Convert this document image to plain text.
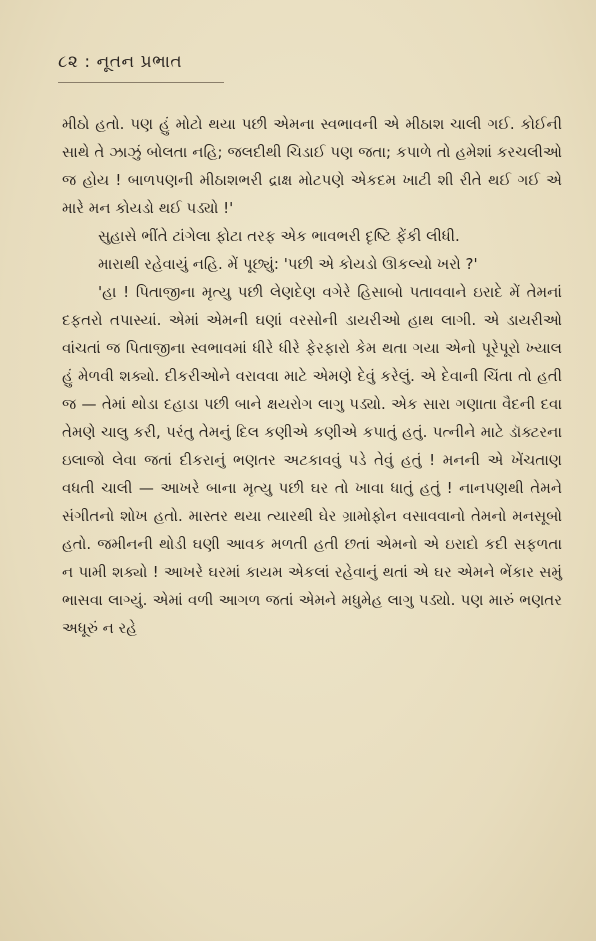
૮૨ : નૂતન પ્રભાત

મીઠો હતો. પણ હું મોટો થયા પછી એમના સ્વભાવની એ મીઠાશ ચાલી ગઈ. કોઈની સાથે તે ઝાઝું બોલતા નહિ; જલદીથી ચિડાઈ પણ જતા; કપાળે તો હમેશાં કરચલીઓ જ હોય ! બાળપણની મીઠાશભરી દ્રાક્ષ મોટપણે એકદમ ખાટી શી રીતે થઈ ગઈ એ મારે મન કોયડો થઈ પડ્યો !'

સુહાસે ભીંતે ટાંગેલા ફોટા તરફ એક ભાવભરી દૃષ્ટિ ફેંકી લીધી.

મારાથી રહેવાયું નહિ. મેં પૂછ્યું: 'પછી એ કોયડો ઊકલ્યો ખરો ?'

'હા ! પિતાજીના મૃત્યુ પછી લેણદેણ વગેરે હિસાબો પતાવવાને ઇરાદે મેં તેમનાં દફતરો તપાસ્યાં. એમાં એમની ઘણાં વરસોની ડાયરીઓ હાથ લાગી. એ ડાયરીઓ વાંચતાં જ પિતાજીના સ્વભાવમાં ધીરે ધીરે ફેરફારો કેમ થતા ગયા એનો પૂરેપૂરો ખ્યાલ હું મેળવી શક્યો. દીકરીઓને વરાવવા માટે એમણે દેવું કરેલું. એ દેવાની ચિંતા તો હતી જ — તેમાં થોડા દહાડા પછી બાને ક્ષયરોગ લાગુ પડ્યો. એક સારા ગણાતા વૈદની દવા તેમણે ચાલુ કરી, પરંતુ તેમનું દિલ કણીએ કણીએ કપાતું હતું. પત્નીને માટે ડૉક્ટરના ઇલાજો લેવા જતાં દીકરાનું ભણતર અટકાવવું પડે તેવું હતું ! મનની એ ખેંચતાણ વધતી ચાલી — આખરે બાના મૃત્યુ પછી ઘર તો ખાવા ધાતું હતું ! નાનપણથી તેમને સંગીતનો શોખ હતો. માસ્તર થયા ત્યારથી ઘેર ગ્રામોફોન વસાવવાનો તેમનો મનસૂબો હતો. જમીનની થોડી ઘણી આવક મળતી હતી છતાં એમનો એ ઇરાદો કદી સફળતા ન પામી શક્યો ! આખરે ઘરમાં કાયમ એકલાં રહેવાનું થતાં એ ઘર એમને ભેંકાર સમું ભાસવા લાગ્યું. એમાં વળી આગળ જતાં એમને મધુમેહ લાગુ પડ્યો. પણ મારું ભણતર અધૂરું ન રહે
